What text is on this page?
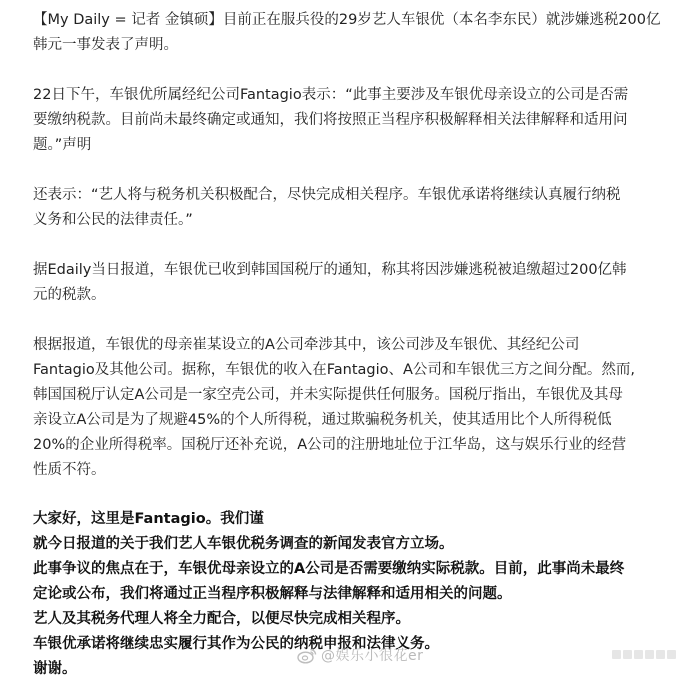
【My Daily = 记者 金镇硕】目前正在服兵役的29岁艺人车银优（本名李东民）就涉嫌逃税200亿
韩元一事发表了声明。

22日下午，车银优所属经纪公司Fantagio表示：“此事主要涉及车银优母亲设立的公司是否需
要缴纳税款。目前尚未最终确定或通知，我们将按照正当程序积极解释相关法律解释和适用问
题。”声明

还表示：“艺人将与税务机关积极配合，尽快完成相关程序。车银优承诺将继续认真履行纳税
义务和公民的法律责任。”

据Edaily当日报道，车银优已收到韩国国税厅的通知，称其将因涉嫌逃税被追缴超过200亿韩
元的税款。

根据报道，车银优的母亲崔某设立的A公司牵涉其中，该公司涉及车银优、其经纪公司
Fantagio及其他公司。据称，车银优的收入在Fantagio、A公司和车银优三方之间分配。然而,
韩国国税厅认定A公司是一家空壳公司，并未实际提供任何服务。国税厅指出，车银优及其母
亲设立A公司是为了规避45%的个人所得税，通过欺骗税务机关，使其适用比个人所得税低
20%的企业所得税率。国税厅还补充说，A公司的注册地址位于江华岛，这与娱乐行业的经营
性质不符。

大家好，这里是Fantagio。我们谨
就今日报道的关于我们艺人车银优税务调查的新闻发表官方立场。
此事争议的焦点在于，车银优母亲设立的A公司是否需要缴纳实际税款。目前，此事尚未最终
定论或公布，我们将通过正当程序积极解释与法律解释和适用相关的问题。
艺人及其税务代理人将全力配合，以便尽快完成相关程序。
车银优承诺将继续忠实履行其作为公民的纳税申报和法律义务。
谢谢。
@娱乐小很花er
